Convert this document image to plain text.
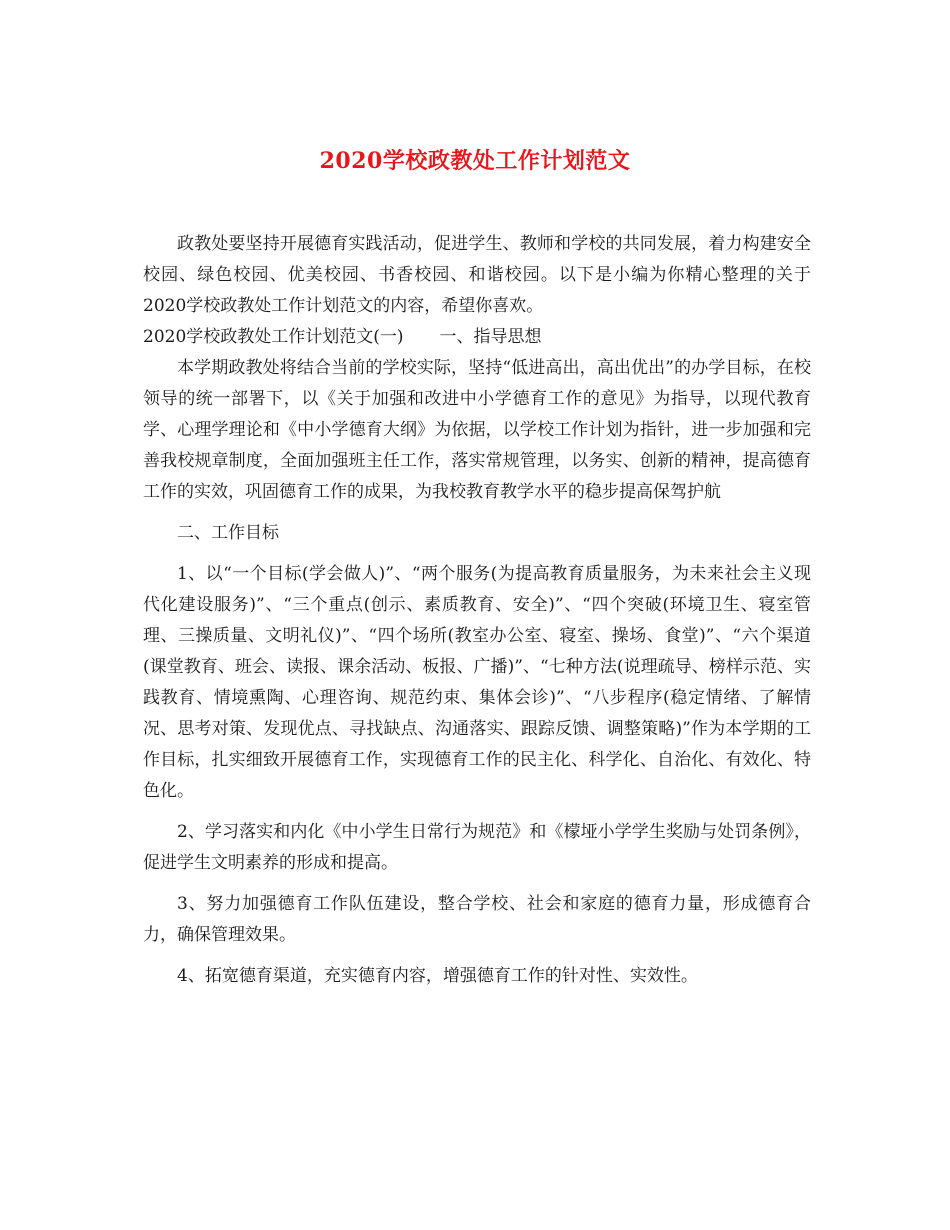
2020学校政教处工作计划范文

政教处要坚持开展德育实践活动，促进学生、教师和学校的共同发展，着力构建安全校园、绿色校园、优美校园、书香校园、和谐校园。以下是小编为你精心整理的关于2020学校政教处工作计划范文的内容，希望你喜欢。

2020学校政教处工作计划范文(一) 一、指导思想

本学期政教处将结合当前的学校实际，坚持“低进高出，高出优出”的办学目标，在校领导的统一部署下，以《关于加强和改进中小学德育工作的意见》为指导，以现代教育学、心理学理论和《中小学德育大纲》为依据，以学校工作计划为指针，进一步加强和完善我校规章制度，全面加强班主任工作，落实常规管理，以务实、创新的精神，提高德育工作的实效，巩固德育工作的成果，为我校教育教学水平的稳步提高保驾护航

二、工作目标

1、以“一个目标(学会做人)”、“两个服务(为提高教育质量服务，为未来社会主义现代化建设服务)”、“三个重点(创示、素质教育、安全)”、“四个突破(环境卫生、寝室管理、三操质量、文明礼仪)”、“四个场所(教室办公室、寝室、操场、食堂)”、“六个渠道(课堂教育、班会、读报、课余活动、板报、广播)”、“七种方法(说理疏导、榜样示范、实践教育、情境熏陶、心理咨询、规范约束、集体会诊)”、“八步程序(稳定情绪、了解情况、思考对策、发现优点、寻找缺点、沟通落实、跟踪反馈、调整策略)”作为本学期的工作目标，扎实细致开展德育工作，实现德育工作的民主化、科学化、自治化、有效化、特色化。

2、学习落实和内化《中小学生日常行为规范》和《檬垭小学学生奖励与处罚条例》，促进学生文明素养的形成和提高。

3、努力加强德育工作队伍建设，整合学校、社会和家庭的德育力量，形成德育合力，确保管理效果。

4、拓宽德育渠道，充实德育内容，增强德育工作的针对性、实效性。
